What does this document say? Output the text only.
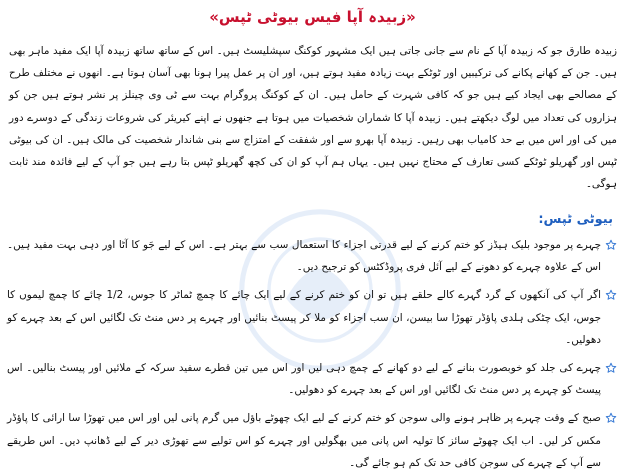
«زبیدہ آپا فیس بیوٹی ٹپس»
زبیدہ طارق جو کہ زبیدہ آپا کے نام سے جانی جاتی ہیں ایک مشہور کوکنگ سپشلیسٹ ہیں۔ اس کے ساتھ ساتھ زبیدہ آپا ایک مفید ماہر بھی ہیں۔ جن کے کھانے پکانے کی ترکیبیں اور ٹوٹکے بہت زیادہ مفید ہوتے ہیں، اور ان پر عمل پیرا ہونا بھی آسان ہوتا ہے۔ انھوں نے مختلف طرح کے مصالحے بھی ایجاد کیے ہیں جو کہ کافی شہرت کے حامل ہیں۔ ان کے کوکنگ پروگرام بہت سے ٹی وی چینلز پر نشر ہوتے ہیں جن کو ہزاروں کی تعداد میں لوگ دیکھتے ہیں۔ زبیدہ آپا کا شماران شخصیات میں ہوتا ہے جنھوں نے اپنے کیریئر کی شروعات زندگی کے دوسرے دور میں کی اور اس میں بے حد کامیاب بھی رہیں۔ زبیدہ آپا بھرو سے اور شفقت کے امتزاج سے بنی شاندار شخصیت کی مالک ہیں۔ ان کی بیوٹی ٹپس اور گھریلو ٹوٹکے کسی تعارف کے محتاج نہیں ہیں۔ یہاں ہم آپ کو ان کی کچھ گھریلو ٹپس بتا رہے ہیں جو آپ کے لیے فائدہ مند ثابت ہوگی۔
بیوٹی ٹپس:
چہرے پر موجود بلیک ہیڈز کو ختم کرنے کے لیے قدرتی اجزاء کا استعمال سب سے بہتر ہے۔ اس کے لیے جَو کا آٹا اور دہی بہت مفید ہیں۔ اس کے علاوہ چہرے کو دھونے کے لیے آئل فری پروڈکٹس کو ترجیح دیں۔
اگر آپ کی آنکھوں کے گرد گہرے کالے حلقے ہیں تو ان کو ختم کرنے کے لیے ایک چائے کا چمچ ٹماٹر کا جوس، 1/2 چائے کا چمچ لیموں کا جوس، ایک چٹکی ہلدی پاؤڈر تھوڑا سا بیسن، ان سب اجزاء کو ملا کر پیسٹ بنائیں اور چہرے پر دس منٹ تک لگائیں اس کے بعد چہرے کو دھولیں۔
چہرے کی جلد کو خوبصورت بنانے کے لیے دو کھانے کے چمچ دہی لیں اور اس میں تین قطرے سفید سرکہ کے ملائیں اور پیسٹ بنالیں۔ اس پیسٹ کو چہرے پر دس منٹ تک لگائیں اور اس کے بعد چہرے کو دھولیں۔
صبح کے وقت چہرے پر ظاہر ہونے والی سوجن کو ختم کرنے کے لیے ایک چھوٹے باؤل میں گرم پانی لیں اور اس میں تھوڑا سا ارائی کا پاؤڈر مکس کر لیں۔ اب ایک چھوٹے سائز کا تولیہ اس پانی میں بھگولیں اور چہرے کو اس تولیے سے تھوڑی دیر کے لیے ڈھانپ دیں۔ اس طریقے سے آپ کے چہرے کی سوجن کافی حد تک کم ہو جائے گی۔
